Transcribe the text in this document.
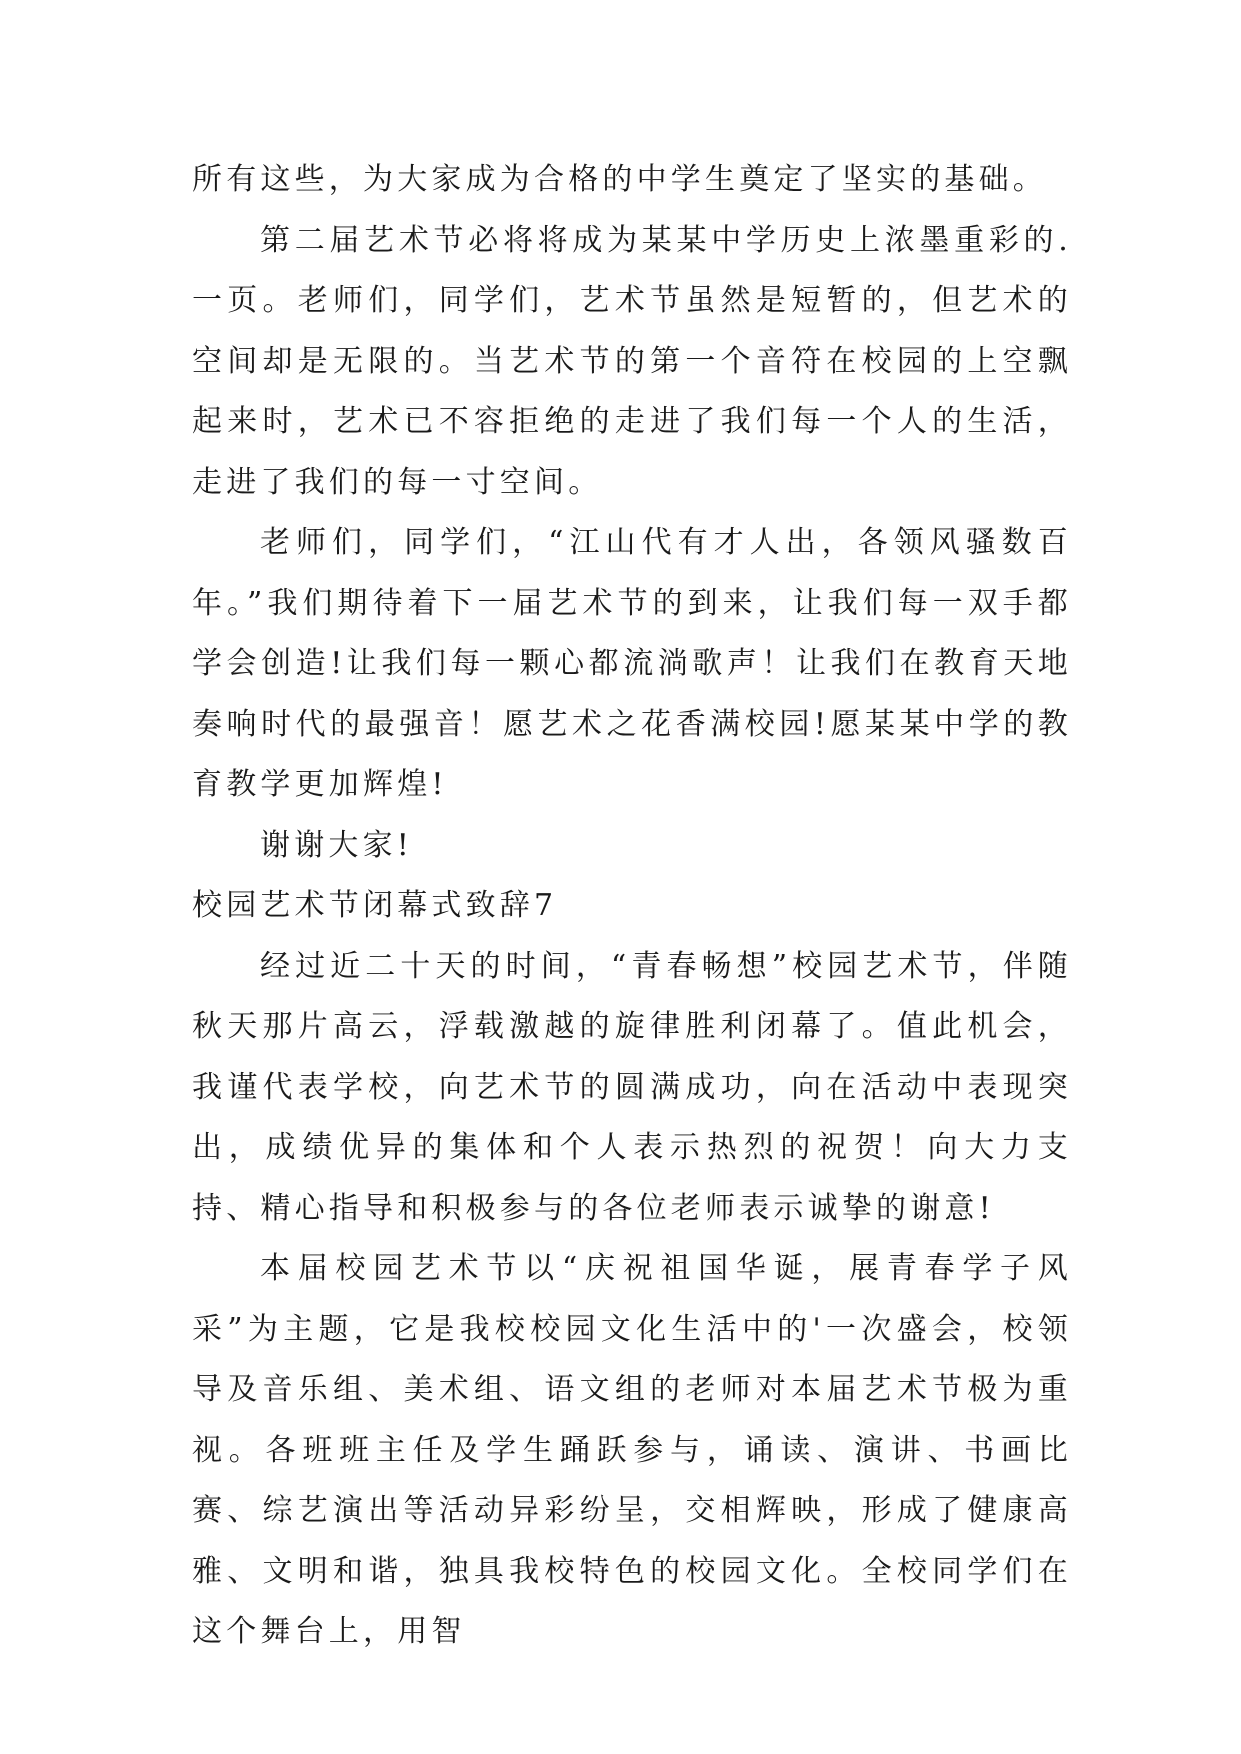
所有这些，为大家成为合格的中学生奠定了坚实的基础。

第二届艺术节必将将成为某某中学历史上浓墨重彩的.一页。老师们，同学们，艺术节虽然是短暂的，但艺术的空间却是无限的。当艺术节的第一个音符在校园的上空飘起来时，艺术已不容拒绝的走进了我们每一个人的生活，走进了我们的每一寸空间。

老师们，同学们，“江山代有才人出，各领风骚数百年。”我们期待着下一届艺术节的到来，让我们每一双手都学会创造!让我们每一颗心都流淌歌声！让我们在教育天地奏响时代的最强音！愿艺术之花香满校园!愿某某中学的教育教学更加辉煌!

谢谢大家!

校园艺术节闭幕式致辞7

经过近二十天的时间，“青春畅想”校园艺术节，伴随秋天那片高云，浮载激越的旋律胜利闭幕了。值此机会，我谨代表学校，向艺术节的圆满成功，向在活动中表现突出，成绩优异的集体和个人表示热烈的祝贺！向大力支持、精心指导和积极参与的各位老师表示诚挚的谢意!

本届校园艺术节以“庆祝祖国华诞，展青春学子风采”为主题，它是我校校园文化生活中的'一次盛会，校领导及音乐组、美术组、语文组的老师对本届艺术节极为重视。各班班主任及学生踊跃参与，诵读、演讲、书画比赛、综艺演出等活动异彩纷呈，交相辉映，形成了健康高雅、文明和谐，独具我校特色的校园文化。全校同学们在这个舞台上，用智
